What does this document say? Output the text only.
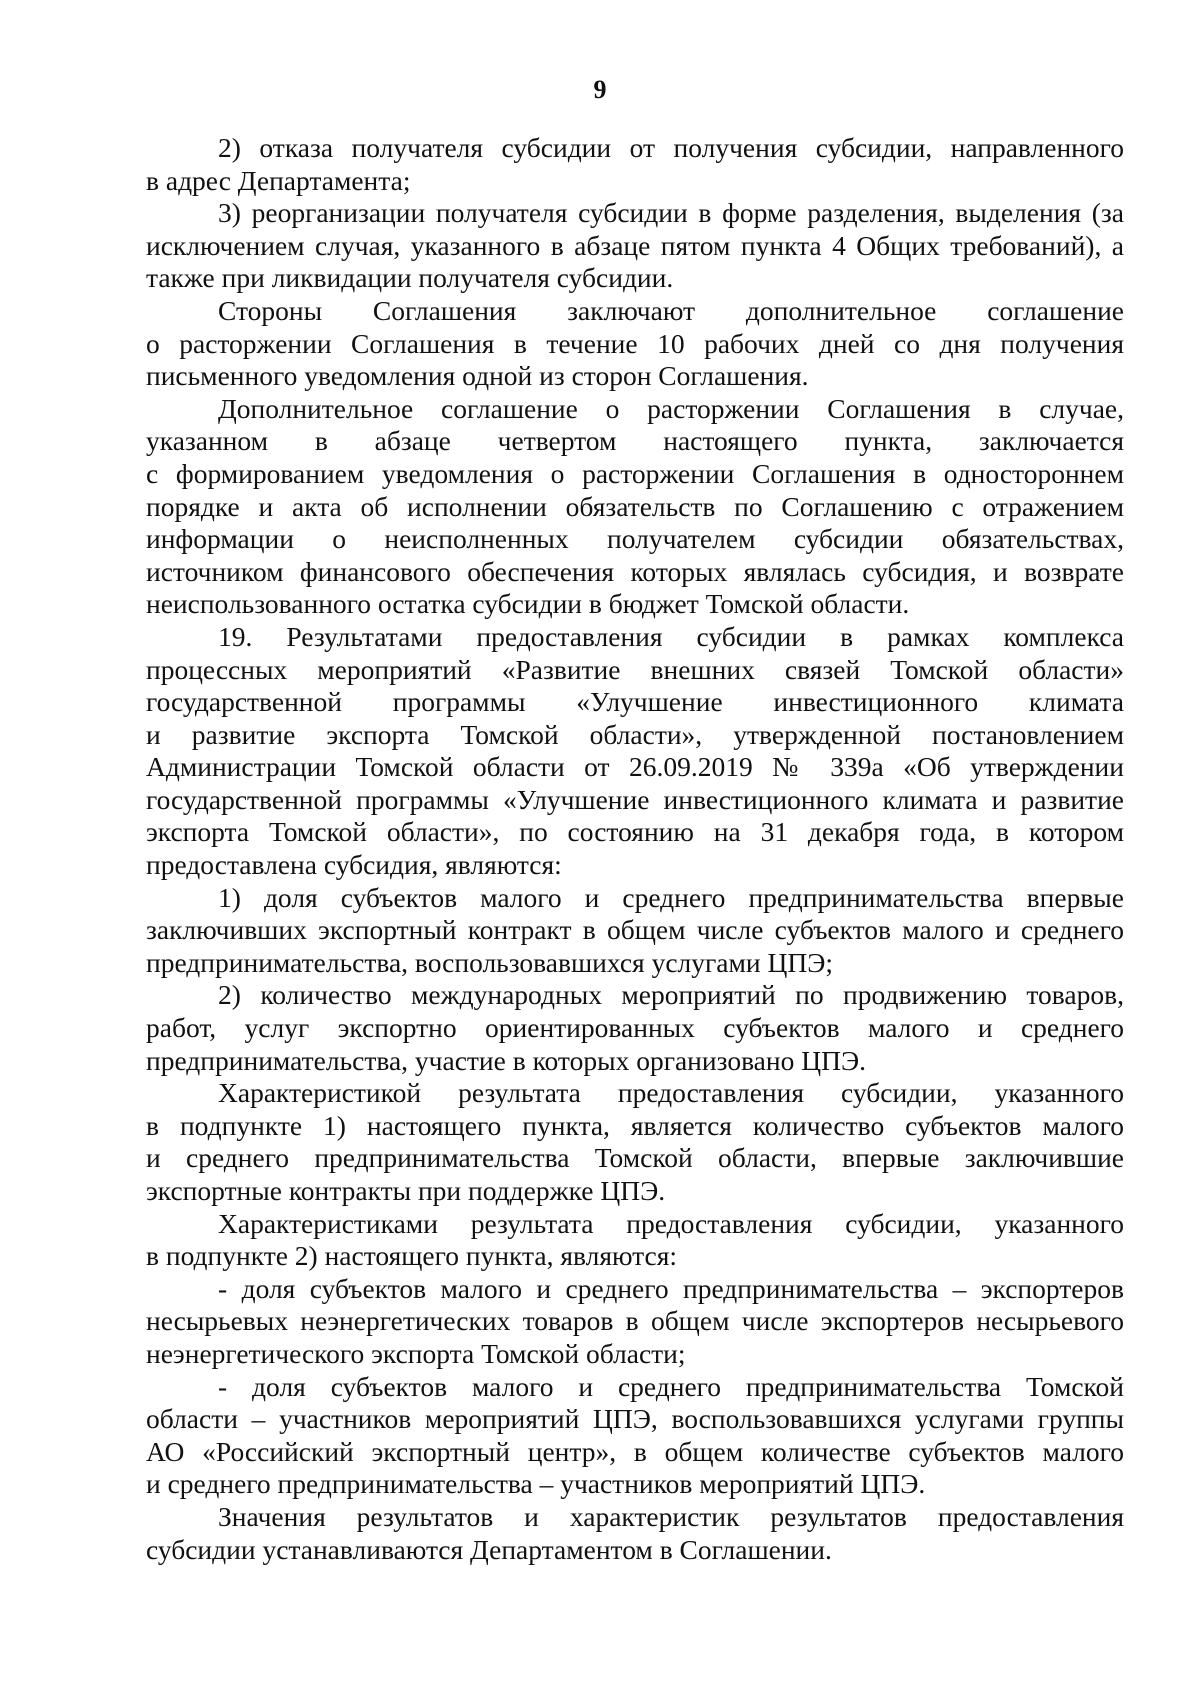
9
2) отказа получателя субсидии от получения субсидии, направленного
в адрес Департамента;
3) реорганизации получателя субсидии в форме разделения, выделения (за
исключением случая, указанного в абзаце пятом пункта 4 Общих требований), а
также при ликвидации получателя субсидии.
Стороны Соглашения заключают дополнительное соглашение
о расторжении Соглашения в течение 10 рабочих дней со дня получения
письменного уведомления одной из сторон Соглашения.
Дополнительное соглашение о расторжении Соглашения в случае,
указанном в абзаце четвертом настоящего пункта, заключается
с формированием уведомления о расторжении Соглашения в одностороннем
порядке и акта об исполнении обязательств по Соглашению с отражением
информации о неисполненных получателем субсидии обязательствах,
источником финансового обеспечения которых являлась субсидия, и возврате
неиспользованного остатка субсидии в бюджет Томской области.
19. Результатами предоставления субсидии в рамках комплекса
процессных мероприятий «Развитие внешних связей Томской области»
государственной программы «Улучшение инвестиционного климата
и развитие экспорта Томской области», утвержденной постановлением
Администрации Томской области от 26.09.2019 № 339а «Об утверждении
государственной программы «Улучшение инвестиционного климата и развитие
экспорта Томской области», по состоянию на 31 декабря года, в котором
предоставлена субсидия, являются:
1) доля субъектов малого и среднего предпринимательства впервые
заключивших экспортный контракт в общем числе субъектов малого и среднего
предпринимательства, воспользовавшихся услугами ЦПЭ;
2) количество международных мероприятий по продвижению товаров,
работ, услуг экспортно ориентированных субъектов малого и среднего
предпринимательства, участие в которых организовано ЦПЭ.
Характеристикой результата предоставления субсидии, указанного
в подпункте 1) настоящего пункта, является количество субъектов малого
и среднего предпринимательства Томской области, впервые заключившие
экспортные контракты при поддержке ЦПЭ.
Характеристиками результата предоставления субсидии, указанного
в подпункте 2) настоящего пункта, являются:
- доля субъектов малого и среднего предпринимательства – экспортеров
несырьевых неэнергетических товаров в общем числе экспортеров несырьевого
неэнергетического экспорта Томской области;
- доля субъектов малого и среднего предпринимательства Томской
области – участников мероприятий ЦПЭ, воспользовавшихся услугами группы
АО «Российский экспортный центр», в общем количестве субъектов малого
и среднего предпринимательства – участников мероприятий ЦПЭ.
Значения результатов и характеристик результатов предоставления
субсидии устанавливаются Департаментом в Соглашении.
